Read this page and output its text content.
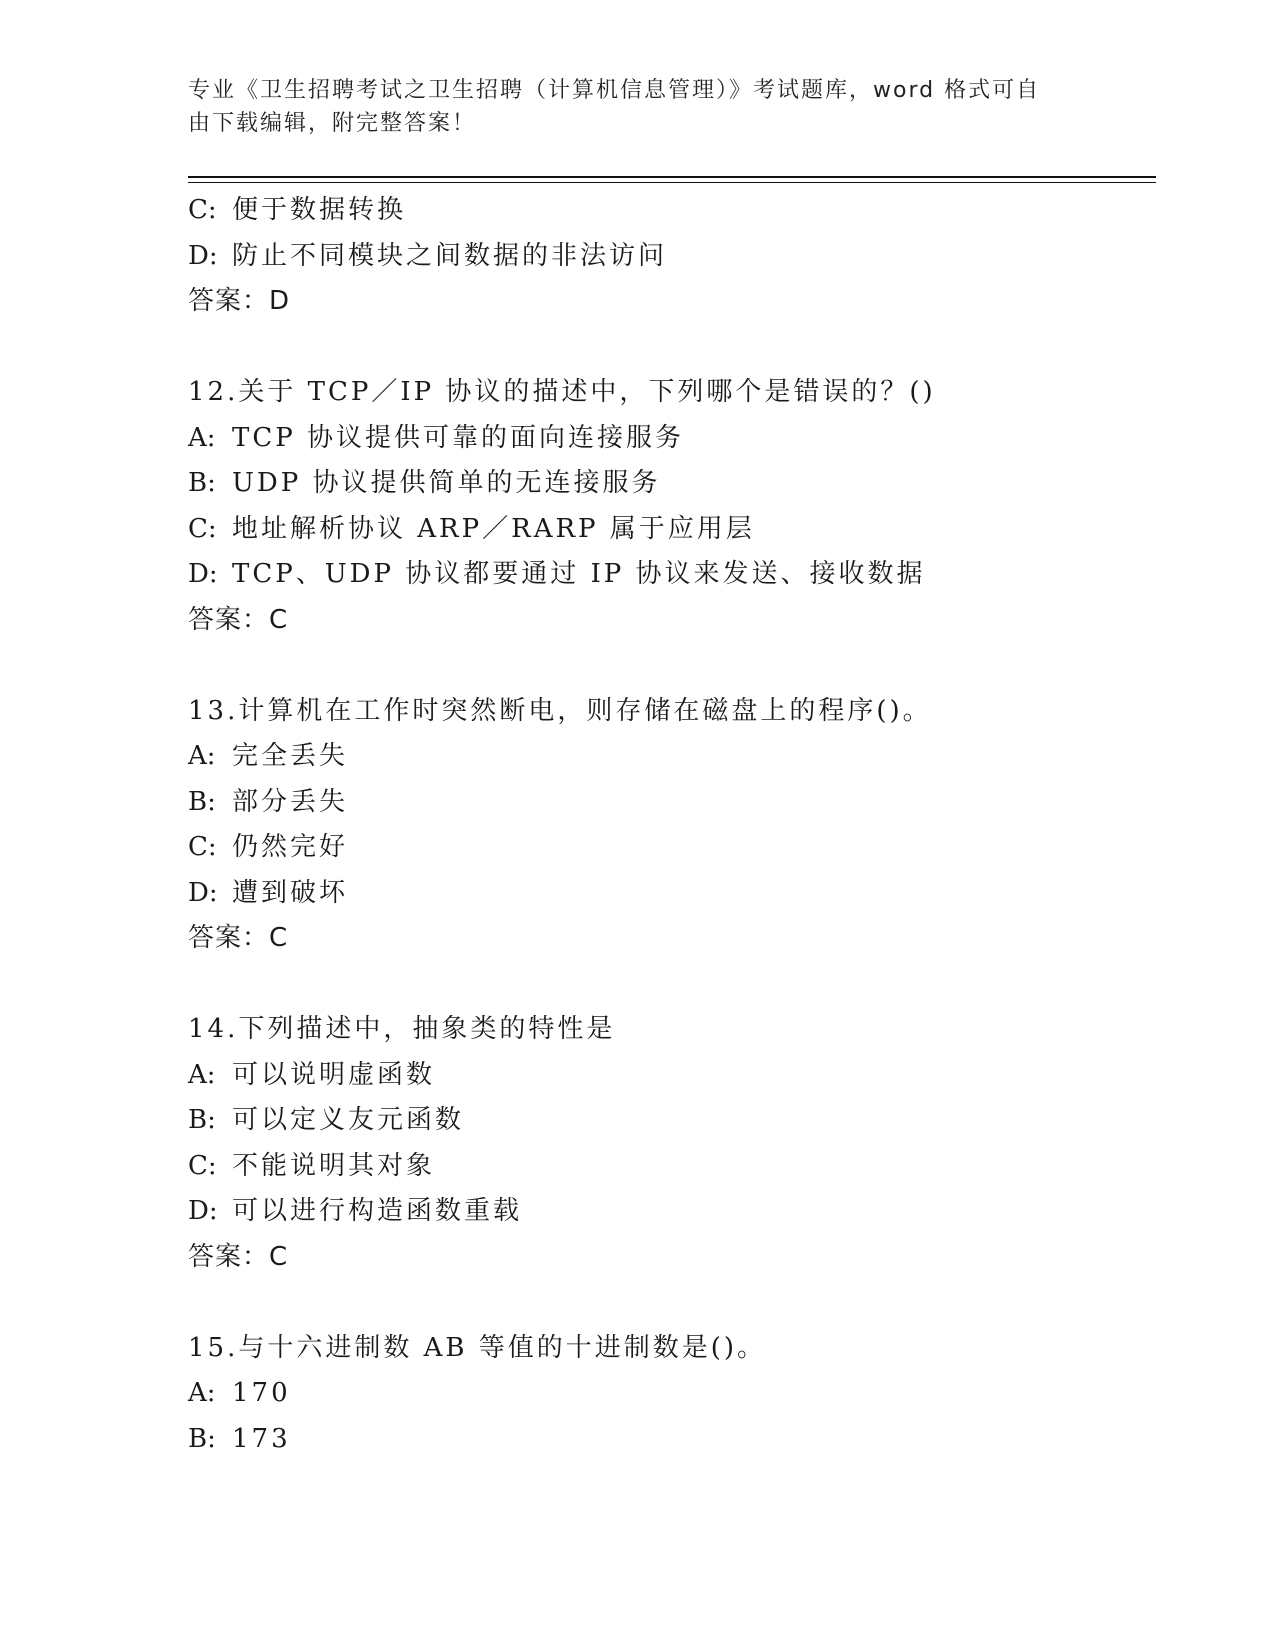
专业《卫生招聘考试之卫生招聘（计算机信息管理）》考试题库，word 格式可自
由下载编辑，附完整答案！
C: 便于数据转换
D: 防止不同模块之间数据的非法访问
答案：D
12.关于 TCP／IP 协议的描述中，下列哪个是错误的？()
A: TCP 协议提供可靠的面向连接服务
B: UDP 协议提供简单的无连接服务
C: 地址解析协议 ARP／RARP 属于应用层
D: TCP、UDP 协议都要通过 IP 协议来发送、接收数据
答案：C
13.计算机在工作时突然断电，则存储在磁盘上的程序()。
A: 完全丢失
B: 部分丢失
C: 仍然完好
D: 遭到破坏
答案：C
14.下列描述中，抽象类的特性是
A: 可以说明虚函数
B: 可以定义友元函数
C: 不能说明其对象
D: 可以进行构造函数重载
答案：C
15.与十六进制数 AB 等值的十进制数是()。
A: 170
B: 173
